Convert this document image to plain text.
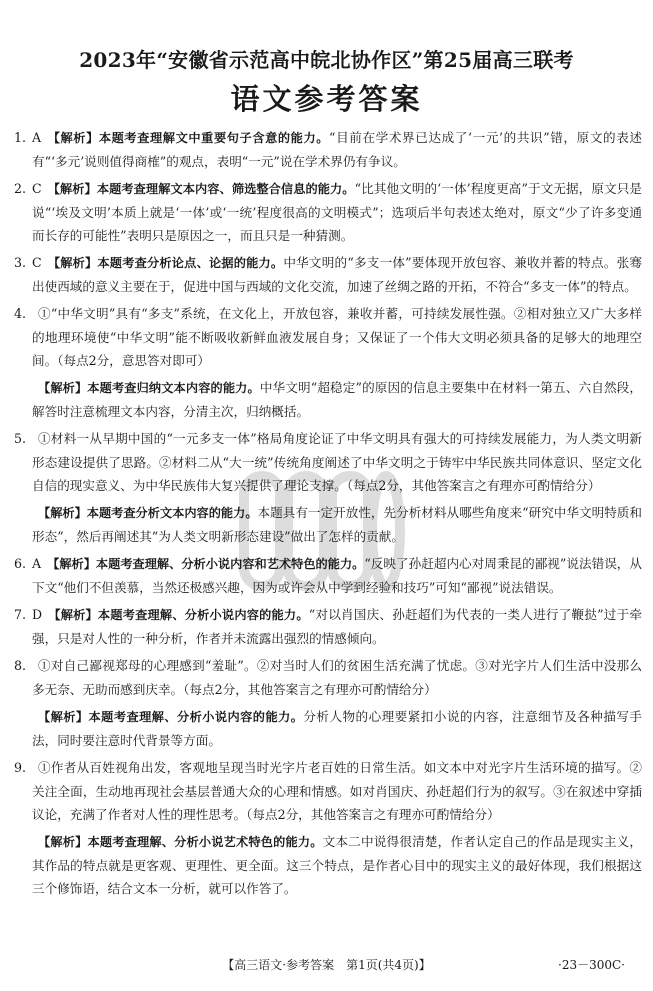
2023年“安徽省示范高中皖北协作区”第25届高三联考
语文参考答案
1. A 【解析】本题考查理解文中重要句子含意的能力。“目前在学术界已达成了‘一元’的共识”错，原文的表述有“‘多元’说则值得商榷”的观点，表明“一元”说在学术界仍有争议。
2. C 【解析】本题考查理解文本内容、筛选整合信息的能力。“比其他文明的‘一体’程度更高”于文无据，原文只是说“‘埃及文明’本质上就是‘一体’或‘一统’程度很高的文明模式”；选项后半句表述太绝对，原文“少了许多变通而长存的可能性”表明只是原因之一，而且只是一种猜测。
3. C 【解析】本题考查分析论点、论据的能力。中华文明的“多支一体”要体现开放包容、兼收并蓄的特点。张骞出使西域的意义主要在于，促进中国与西域的文化交流，加速了丝绸之路的开拓，不符合“多支一体”的特点。
4. ①“中华文明”具有“多支”系统，在文化上，开放包容，兼收并蓄，可持续发展性强。②相对独立又广大多样的地理环境使“中华文明”能不断吸收新鲜血液发展自身；又保证了一个伟大文明必须具备的足够大的地理空间。（每点2分，意思答对即可）
【解析】本题考查归纳文本内容的能力。中华文明“超稳定”的原因的信息主要集中在材料一第五、六自然段，解答时注意梳理文本内容，分清主次，归纳概括。
5. ①材料一从早期中国的“一元多支一体”格局角度论证了中华文明具有强大的可持续发展能力，为人类文明新形态建设提供了思路。②材料二从“大一统”传统角度阐述了中华文明之于铸牢中华民族共同体意识、坚定文化自信的现实意义、为中华民族伟大复兴提供了理论支撑。（每点2分，其他答案言之有理亦可酌情给分）
【解析】本题考查分析文本内容的能力。本题具有一定开放性，先分析材料从哪些角度来“研究中华文明特质和形态”，然后再阐述其“为人类文明新形态建设”做出了怎样的贡献。
6. A 【解析】本题考查理解、分析小说内容和艺术特色的能力。“反映了孙赶超内心对周秉昆的鄙视”说法错误，从下文“他们不但羡慕，当然还极感兴趣，因为或许会从中学到经验和技巧”可知“鄙视”说法错误。
7. D 【解析】本题考查理解、分析小说内容的能力。“对以肖国庆、孙赶超们为代表的一类人进行了鞭挞”过于牵强，只是对人性的一种分析，作者并未流露出强烈的情感倾向。
8. ①对自己鄙视郑母的心理感到“羞耻”。②对当时人们的贫困生活充满了忧虑。③对光字片人们生活中没那么多无奈、无助而感到庆幸。（每点2分，其他答案言之有理亦可酌情给分）
【解析】本题考查理解、分析小说内容的能力。分析人物的心理要紧扣小说的内容，注意细节及各种描写手法，同时要注意时代背景等方面。
9. ①作者从百姓视角出发，客观地呈现当时光字片老百姓的日常生活。如文本中对光字片生活环境的描写。②关注全面，生动地再现社会基层普通大众的心理和情感。如对肖国庆、孙赶超们行为的叙写。③在叙述中穿插议论，充满了作者对人性的理性思考。（每点2分，其他答案言之有理亦可酌情给分）
【解析】本题考查理解、分析小说艺术特色的能力。文本二中说得很清楚，作者认定自己的作品是现实主义，其作品的特点就是更客观、更理性、更全面。这三个特点，是作者心目中的现实主义的最好体现，我们根据这三个修饰语，结合文本一分析，就可以作答了。
【高三语文·参考答案　第1页(共4页)】	·23－300C·
